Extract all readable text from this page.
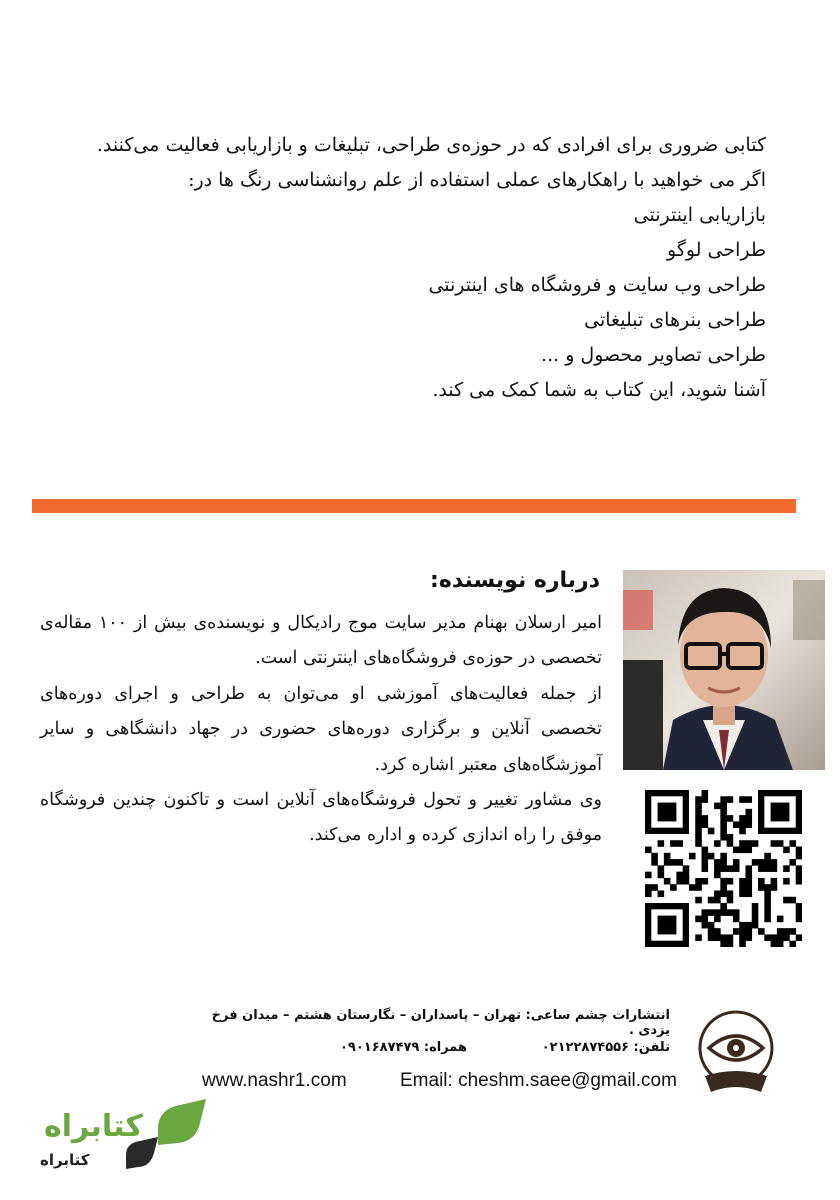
کتابی ضروری برای افرادی که در حوزه‌ی طراحی، تبلیغات و بازاریابی فعالیت می‌کنند.

اگر می خواهید با راهکارهای عملی استفاده از علم روانشناسی رنگ ها در:

بازاریابی اینترنتی

طراحی لوگو

طراحی وب سایت و فروشگاه های اینترنتی

طراحی بنرهای تبلیغاتی

طراحی تصاویر محصول و ...

آشنا شوید، این کتاب به شما کمک می کند.

درباره نویسنده:

امیر ارسلان بهنام مدیر سایت موج رادیکال و نویسنده‌ی بیش از ۱۰۰ مقاله‌ی تخصصی در حوزه‌ی فروشگاه‌های اینترنتی است.

از جمله فعالیت‌های آموزشی او می‌توان به طراحی و اجرای دوره‌های تخصصی آنلاین و برگزاری دوره‌های حضوری در جهاد دانشگاهی و سایر آموزشگاه‌های معتبر اشاره کرد.

وی مشاور تغییر و تحول فروشگاه‌های آنلاین است و تاکنون چندین فروشگاه موفق را راه اندازی کرده و اداره می‌کند.

انتشارات چشم ساعی: تهران – پاسداران – نگارستان هشتم – میدان فرخ یزدی .
تلفن: ۰۲۱۲۲۸۷۴۵۵۶
همراه: ۰۹۰۱۶۸۷۴۷۹
www.nashr1.com	Email: cheshm.saee@gmail.com
کتابراه
کتابراه
